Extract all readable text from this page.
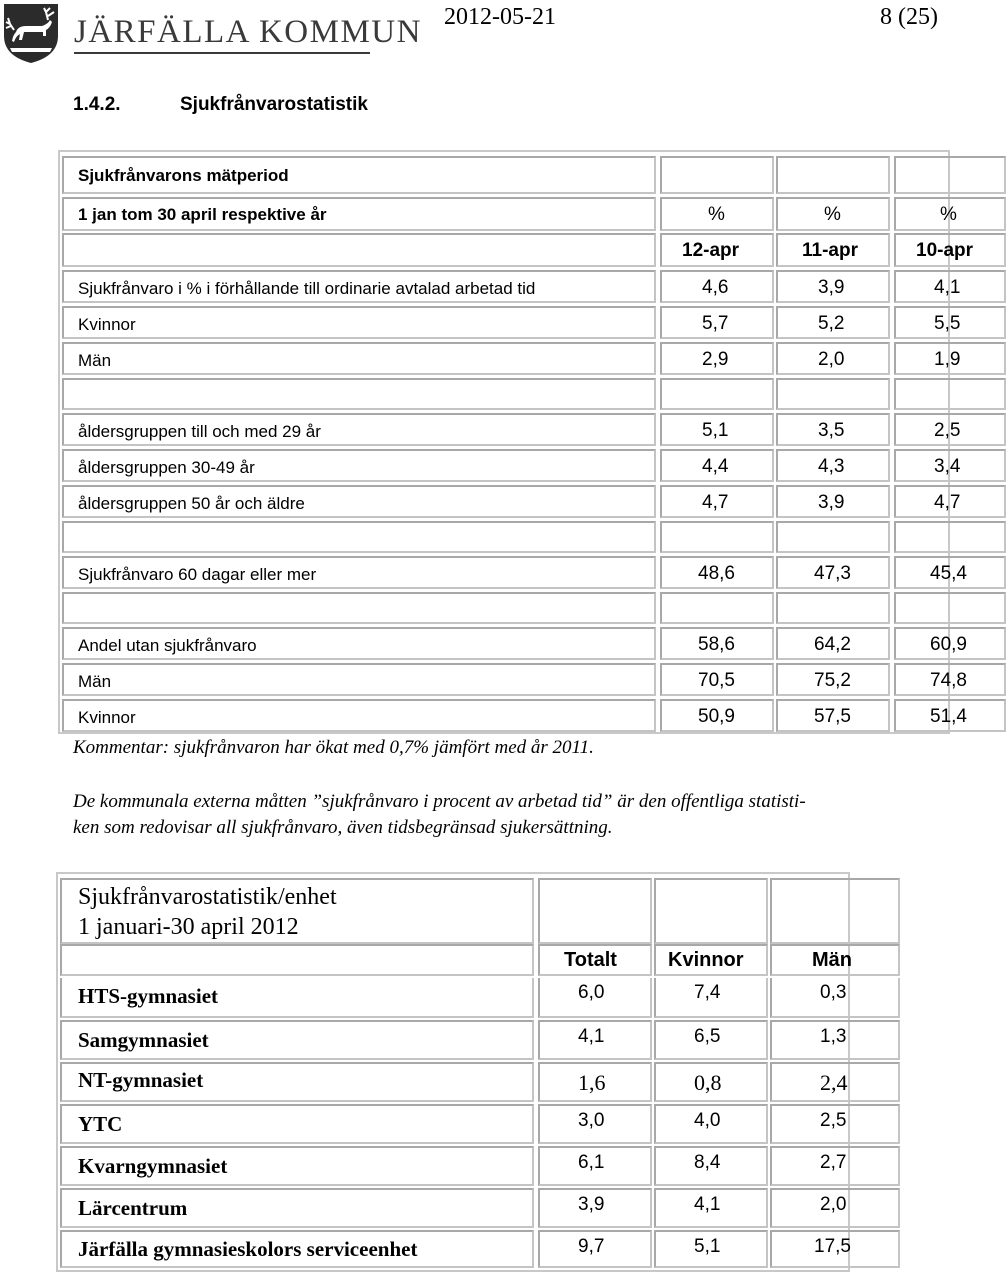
JÄRFÄLLA KOMMUN 2012-05-21	8 (25)
1.4.2.	Sjukfrånvarostatistik
Sjukfrånvarons mätperiod
1 jan tom 30 april respektive år	%	%	%
12-apr	11-apr	10-apr
Sjukfrånvaro i % i förhållande till ordinarie avtalad arbetad tid	4,6	3,9	4,1
Kvinnor	5,7	5,2	5,5
Män	2,9	2,0	1,9
åldersgruppen till och med 29 år	5,1	3,5	2,5
åldersgruppen 30-49 år	4,4	4,3	3,4
åldersgruppen 50 år och äldre	4,7	3,9	4,7
Sjukfrånvaro 60 dagar eller mer	48,6	47,3	45,4
Andel utan sjukfrånvaro	58,6	64,2	60,9
Män	70,5	75,2	74,8
Kvinnor	50,9	57,5	51,4
Kommentar: sjukfrånvaron har ökat med 0,7% jämfört med år 2011.
De kommunala externa måtten ”sjukfrånvaro i procent av arbetad tid” är den offentliga statisti-
ken som redovisar all sjukfrånvaro, även tidsbegränsad sjukersättning.
Sjukfrånvarostatistik/enhet
1 januari-30 april 2012
Totalt	Kvinnor	Män
HTS-gymnasiet	6,0	7,4	0,3
Samgymnasiet	4,1	6,5	1,3
NT-gymnasiet	1,6	0,8	2,4
YTC	3,0	4,0	2,5
Kvarngymnasiet	6,1	8,4	2,7
Lärcentrum	3,9	4,1	2,0
Järfälla gymnasieskolors serviceenhet	9,7	5,1	17,5
